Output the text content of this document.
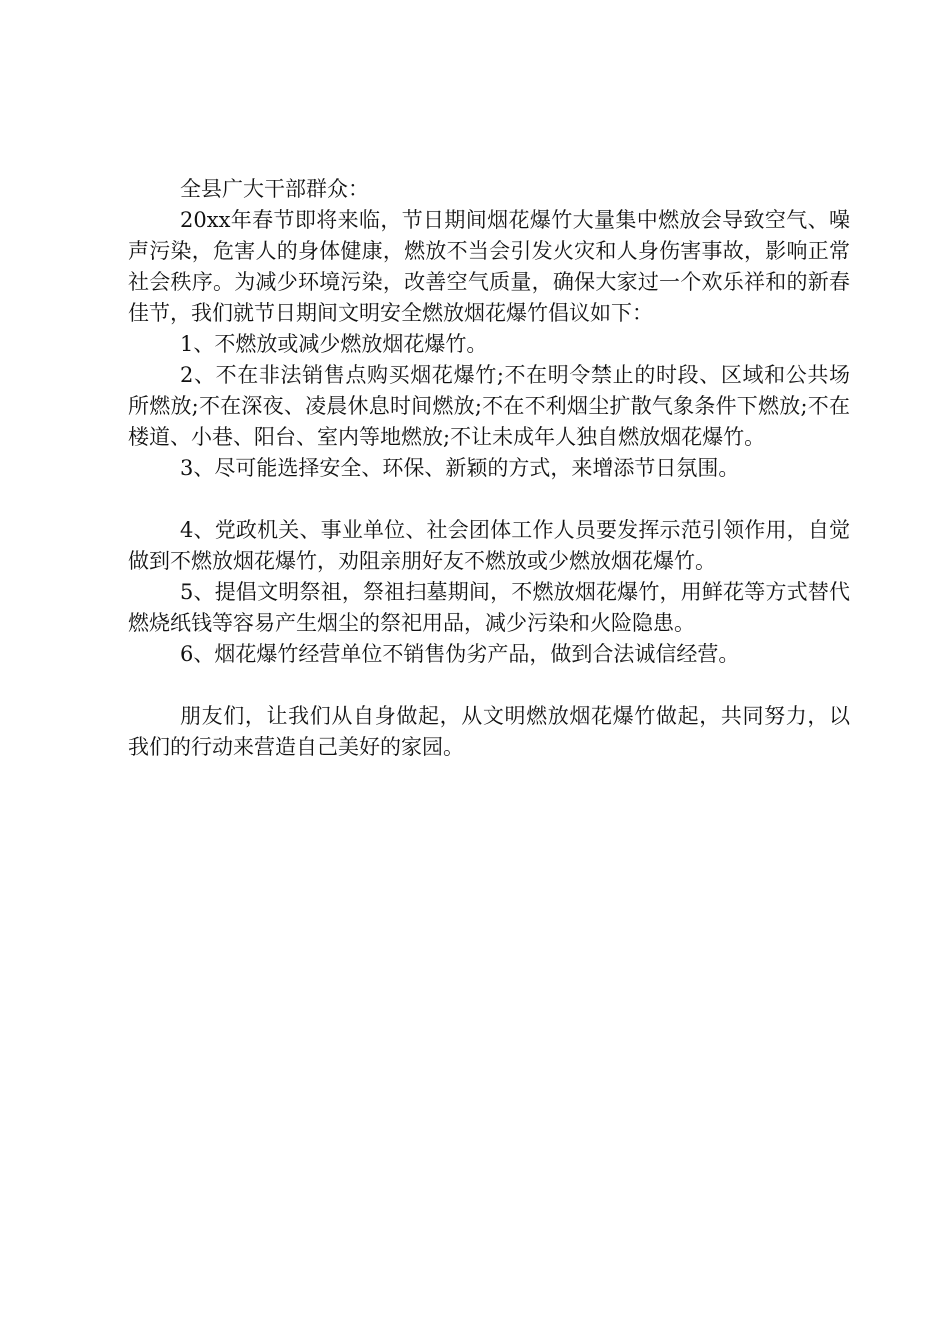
全县广大干部群众：

20xx年春节即将来临，节日期间烟花爆竹大量集中燃放会导致空气、噪声污染，危害人的身体健康，燃放不当会引发火灾和人身伤害事故，影响正常社会秩序。为减少环境污染，改善空气质量，确保大家过一个欢乐祥和的新春佳节，我们就节日期间文明安全燃放烟花爆竹倡议如下：

1、不燃放或减少燃放烟花爆竹。

2、不在非法销售点购买烟花爆竹;不在明令禁止的时段、区域和公共场所燃放;不在深夜、凌晨休息时间燃放;不在不利烟尘扩散气象条件下燃放;不在楼道、小巷、阳台、室内等地燃放;不让未成年人独自燃放烟花爆竹。

3、尽可能选择安全、环保、新颖的方式，来增添节日氛围。

4、党政机关、事业单位、社会团体工作人员要发挥示范引领作用，自觉做到不燃放烟花爆竹，劝阻亲朋好友不燃放或少燃放烟花爆竹。

5、提倡文明祭祖，祭祖扫墓期间，不燃放烟花爆竹，用鲜花等方式替代燃烧纸钱等容易产生烟尘的祭祀用品，减少污染和火险隐患。

6、烟花爆竹经营单位不销售伪劣产品，做到合法诚信经营。

朋友们，让我们从自身做起，从文明燃放烟花爆竹做起，共同努力，以我们的行动来营造自己美好的家园。
